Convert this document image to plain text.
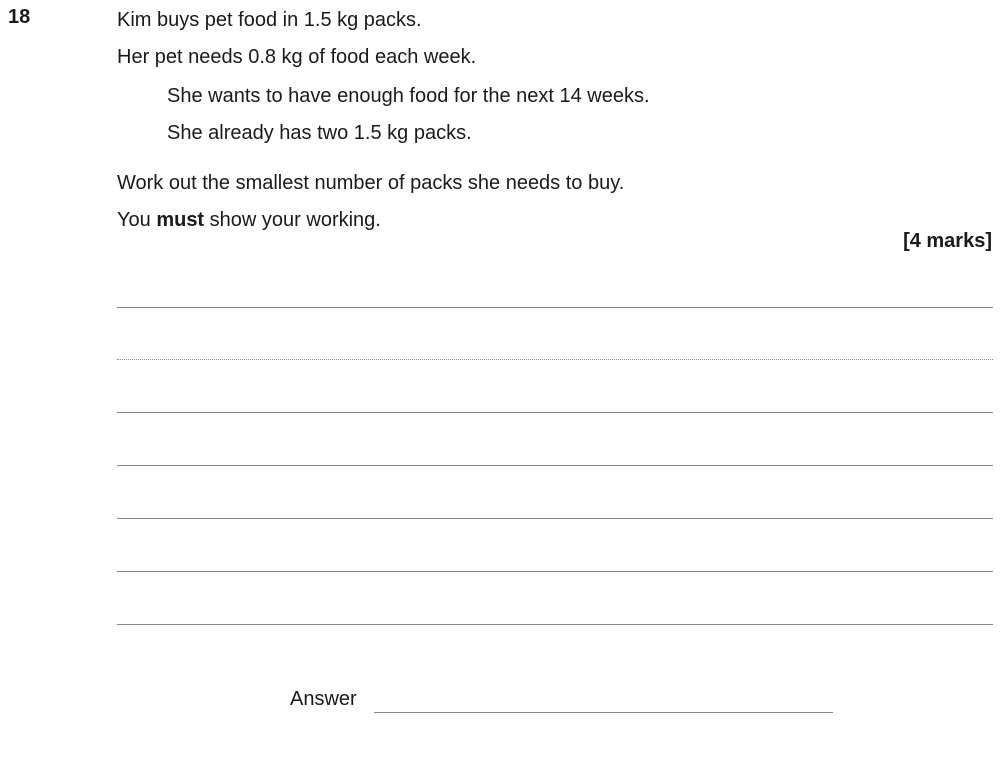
18	Kim buys pet food in 1.5 kg packs.
Her pet needs 0.8 kg of food each week.
She wants to have enough food for the next 14 weeks.
She already has two 1.5 kg packs.
Work out the smallest number of packs she needs to buy.
You must show your working.
[4 marks]
Answer
